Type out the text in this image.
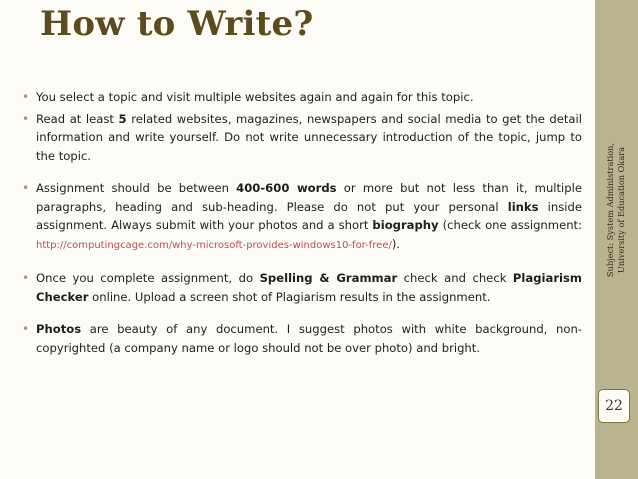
How to Write?
Subject: System Administration, University of Education Okara
22
• You select a topic and visit multiple websites again and again for this topic.
• Read at least 5 related websites, magazines, newspapers and social media to get the detail information and write yourself. Do not write unnecessary introduction of the topic, jump to the topic.
• Assignment should be between 400-600 words or more but not less than it, multiple paragraphs, heading and sub-heading. Please do not put your personal links inside assignment. Always submit with your photos and a short biography (check one assignment: http://computingcage.com/why-microsoft-provides-windows10-for-free/).
• Once you complete assignment, do Spelling & Grammar check and check Plagiarism Checker online. Upload a screen shot of Plagiarism results in the assignment.
• Photos are beauty of any document. I suggest photos with white background, non-copyrighted (a company name or logo should not be over photo) and bright.
